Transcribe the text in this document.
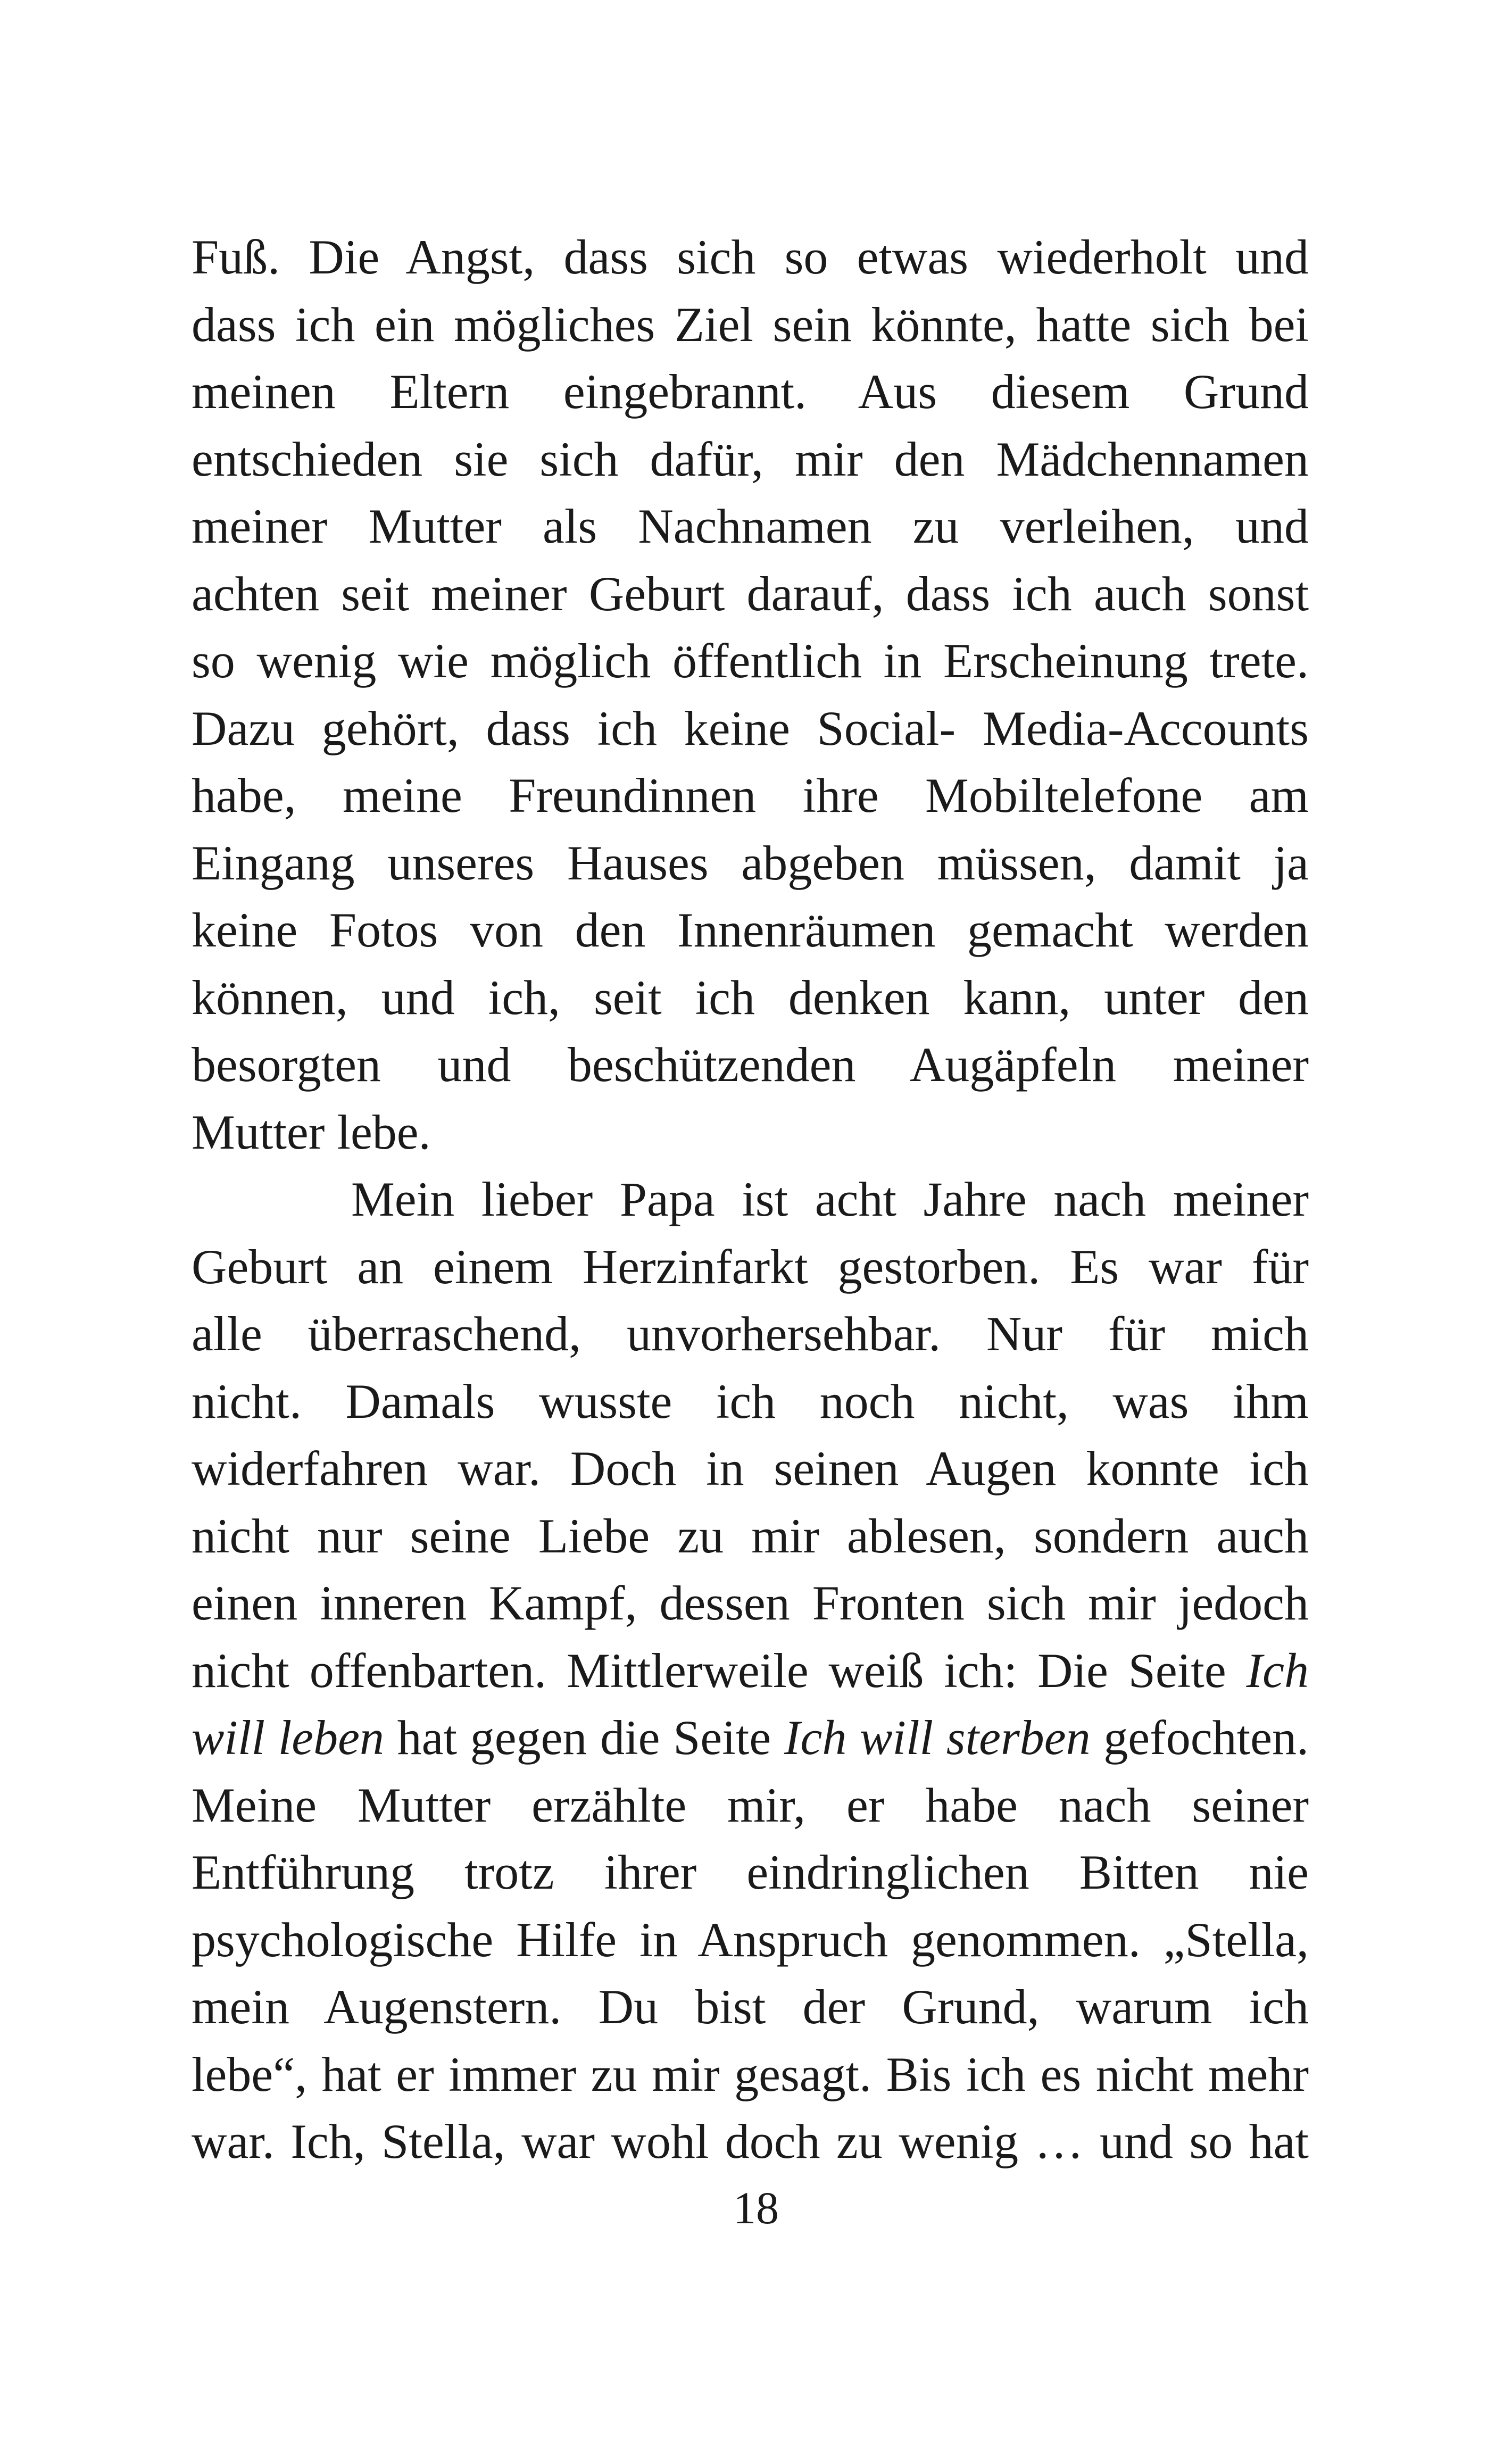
Fuß. Die Angst, dass sich so etwas wiederholt und
dass ich ein mögliches Ziel sein könnte, hatte sich bei
meinen Eltern eingebrannt. Aus diesem Grund
entschieden sie sich dafür, mir den Mädchennamen
meiner Mutter als Nachnamen zu verleihen, und
achten seit meiner Geburt darauf, dass ich auch sonst
so wenig wie möglich öffentlich in Erscheinung trete.
Dazu gehört, dass ich keine Social- Media-Accounts
habe, meine Freundinnen ihre Mobiltelefone am
Eingang unseres Hauses abgeben müssen, damit ja
keine Fotos von den Innenräumen gemacht werden
können, und ich, seit ich denken kann, unter den
besorgten und beschützenden Augäpfeln meiner
Mutter lebe.
Mein lieber Papa ist acht Jahre nach meiner
Geburt an einem Herzinfarkt gestorben. Es war für
alle überraschend, unvorhersehbar. Nur für mich
nicht. Damals wusste ich noch nicht, was ihm
widerfahren war. Doch in seinen Augen konnte ich
nicht nur seine Liebe zu mir ablesen, sondern auch
einen inneren Kampf, dessen Fronten sich mir jedoch
nicht offenbarten. Mittlerweile weiß ich: Die Seite Ich
will leben hat gegen die Seite Ich will sterben gefochten.
Meine Mutter erzählte mir, er habe nach seiner
Entführung trotz ihrer eindringlichen Bitten nie
psychologische Hilfe in Anspruch genommen. „Stella,
mein Augenstern. Du bist der Grund, warum ich
lebe“, hat er immer zu mir gesagt. Bis ich es nicht mehr
war. Ich, Stella, war wohl doch zu wenig … und so hat
18
